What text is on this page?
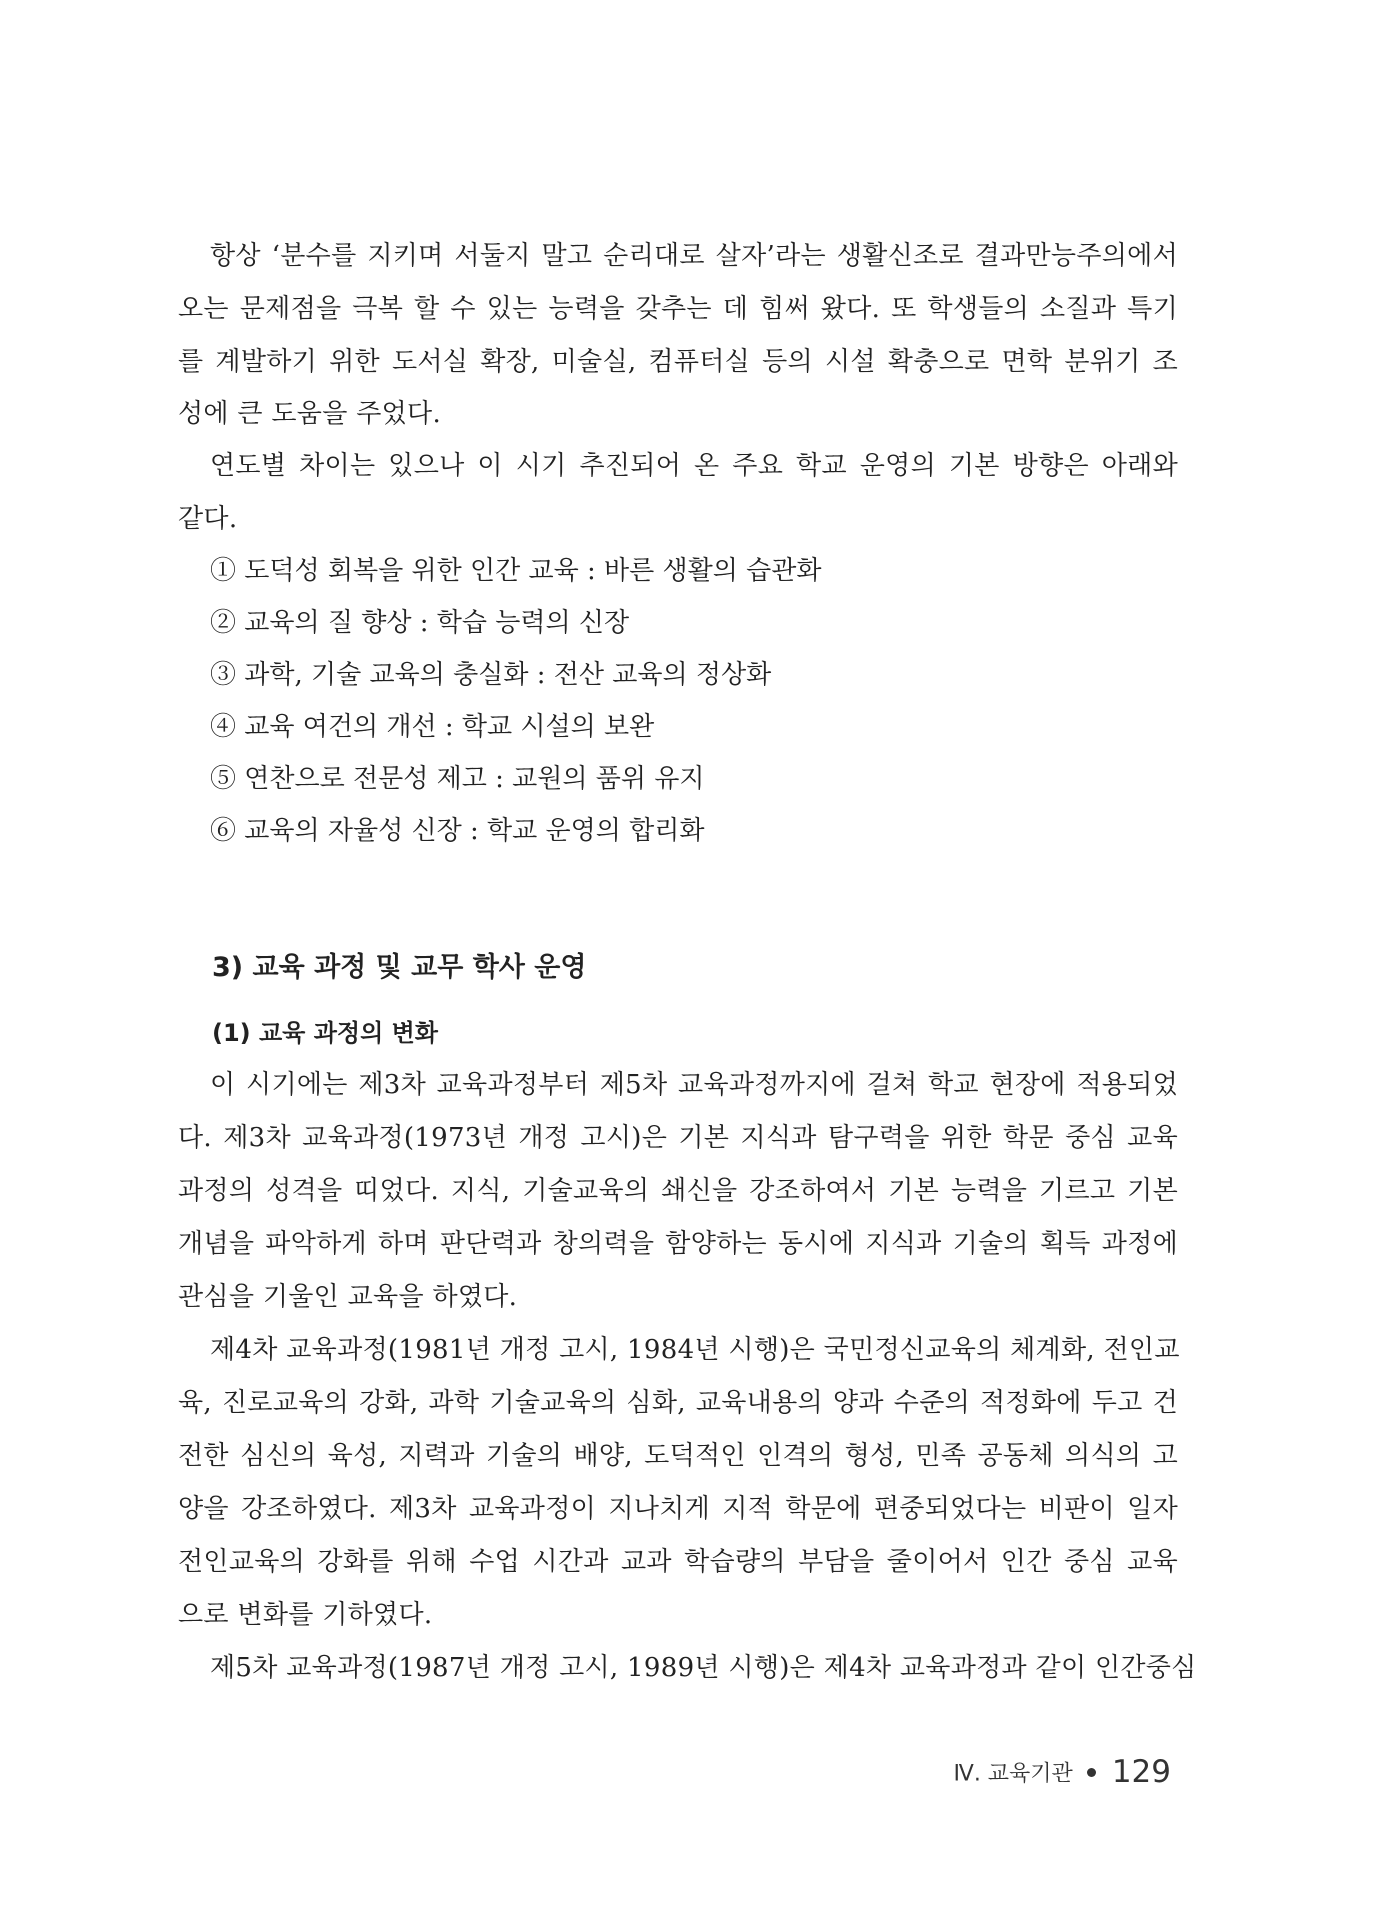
항상 ‘분수를 지키며 서둘지 말고 순리대로 살자’라는 생활신조로 결과만능주의에서
오는 문제점을 극복 할 수 있는 능력을 갖추는 데 힘써 왔다. 또 학생들의 소질과 특기
를 계발하기 위한 도서실 확장, 미술실, 컴퓨터실 등의 시설 확충으로 면학 분위기 조
성에 큰 도움을 주었다.
연도별 차이는 있으나 이 시기 추진되어 온 주요 학교 운영의 기본 방향은 아래와
같다.
① 도덕성 회복을 위한 인간 교육 : 바른 생활의 습관화
② 교육의 질 향상 : 학습 능력의 신장
③ 과학, 기술 교육의 충실화 : 전산 교육의 정상화
④ 교육 여건의 개선 : 학교 시설의 보완
⑤ 연찬으로 전문성 제고 : 교원의 품위 유지
⑥ 교육의 자율성 신장 : 학교 운영의 합리화
3) 교육 과정 및 교무 학사 운영
(1) 교육 과정의 변화
이 시기에는 제3차 교육과정부터 제5차 교육과정까지에 걸쳐 학교 현장에 적용되었
다. 제3차 교육과정(1973년 개정 고시)은 기본 지식과 탐구력을 위한 학문 중심 교육
과정의 성격을 띠었다. 지식, 기술교육의 쇄신을 강조하여서 기본 능력을 기르고 기본
개념을 파악하게 하며 판단력과 창의력을 함양하는 동시에 지식과 기술의 획득 과정에
관심을 기울인 교육을 하였다.
제4차 교육과정(1981년 개정 고시, 1984년 시행)은 국민정신교육의 체계화, 전인교
육, 진로교육의 강화, 과학 기술교육의 심화, 교육내용의 양과 수준의 적정화에 두고 건
전한 심신의 육성, 지력과 기술의 배양, 도덕적인 인격의 형성, 민족 공동체 의식의 고
양을 강조하였다. 제3차 교육과정이 지나치게 지적 학문에 편중되었다는 비판이 일자
전인교육의 강화를 위해 수업 시간과 교과 학습량의 부담을 줄이어서 인간 중심 교육
으로 변화를 기하였다.
제5차 교육과정(1987년 개정 고시, 1989년 시행)은 제4차 교육과정과 같이 인간중심
Ⅳ. 교육기관 129
